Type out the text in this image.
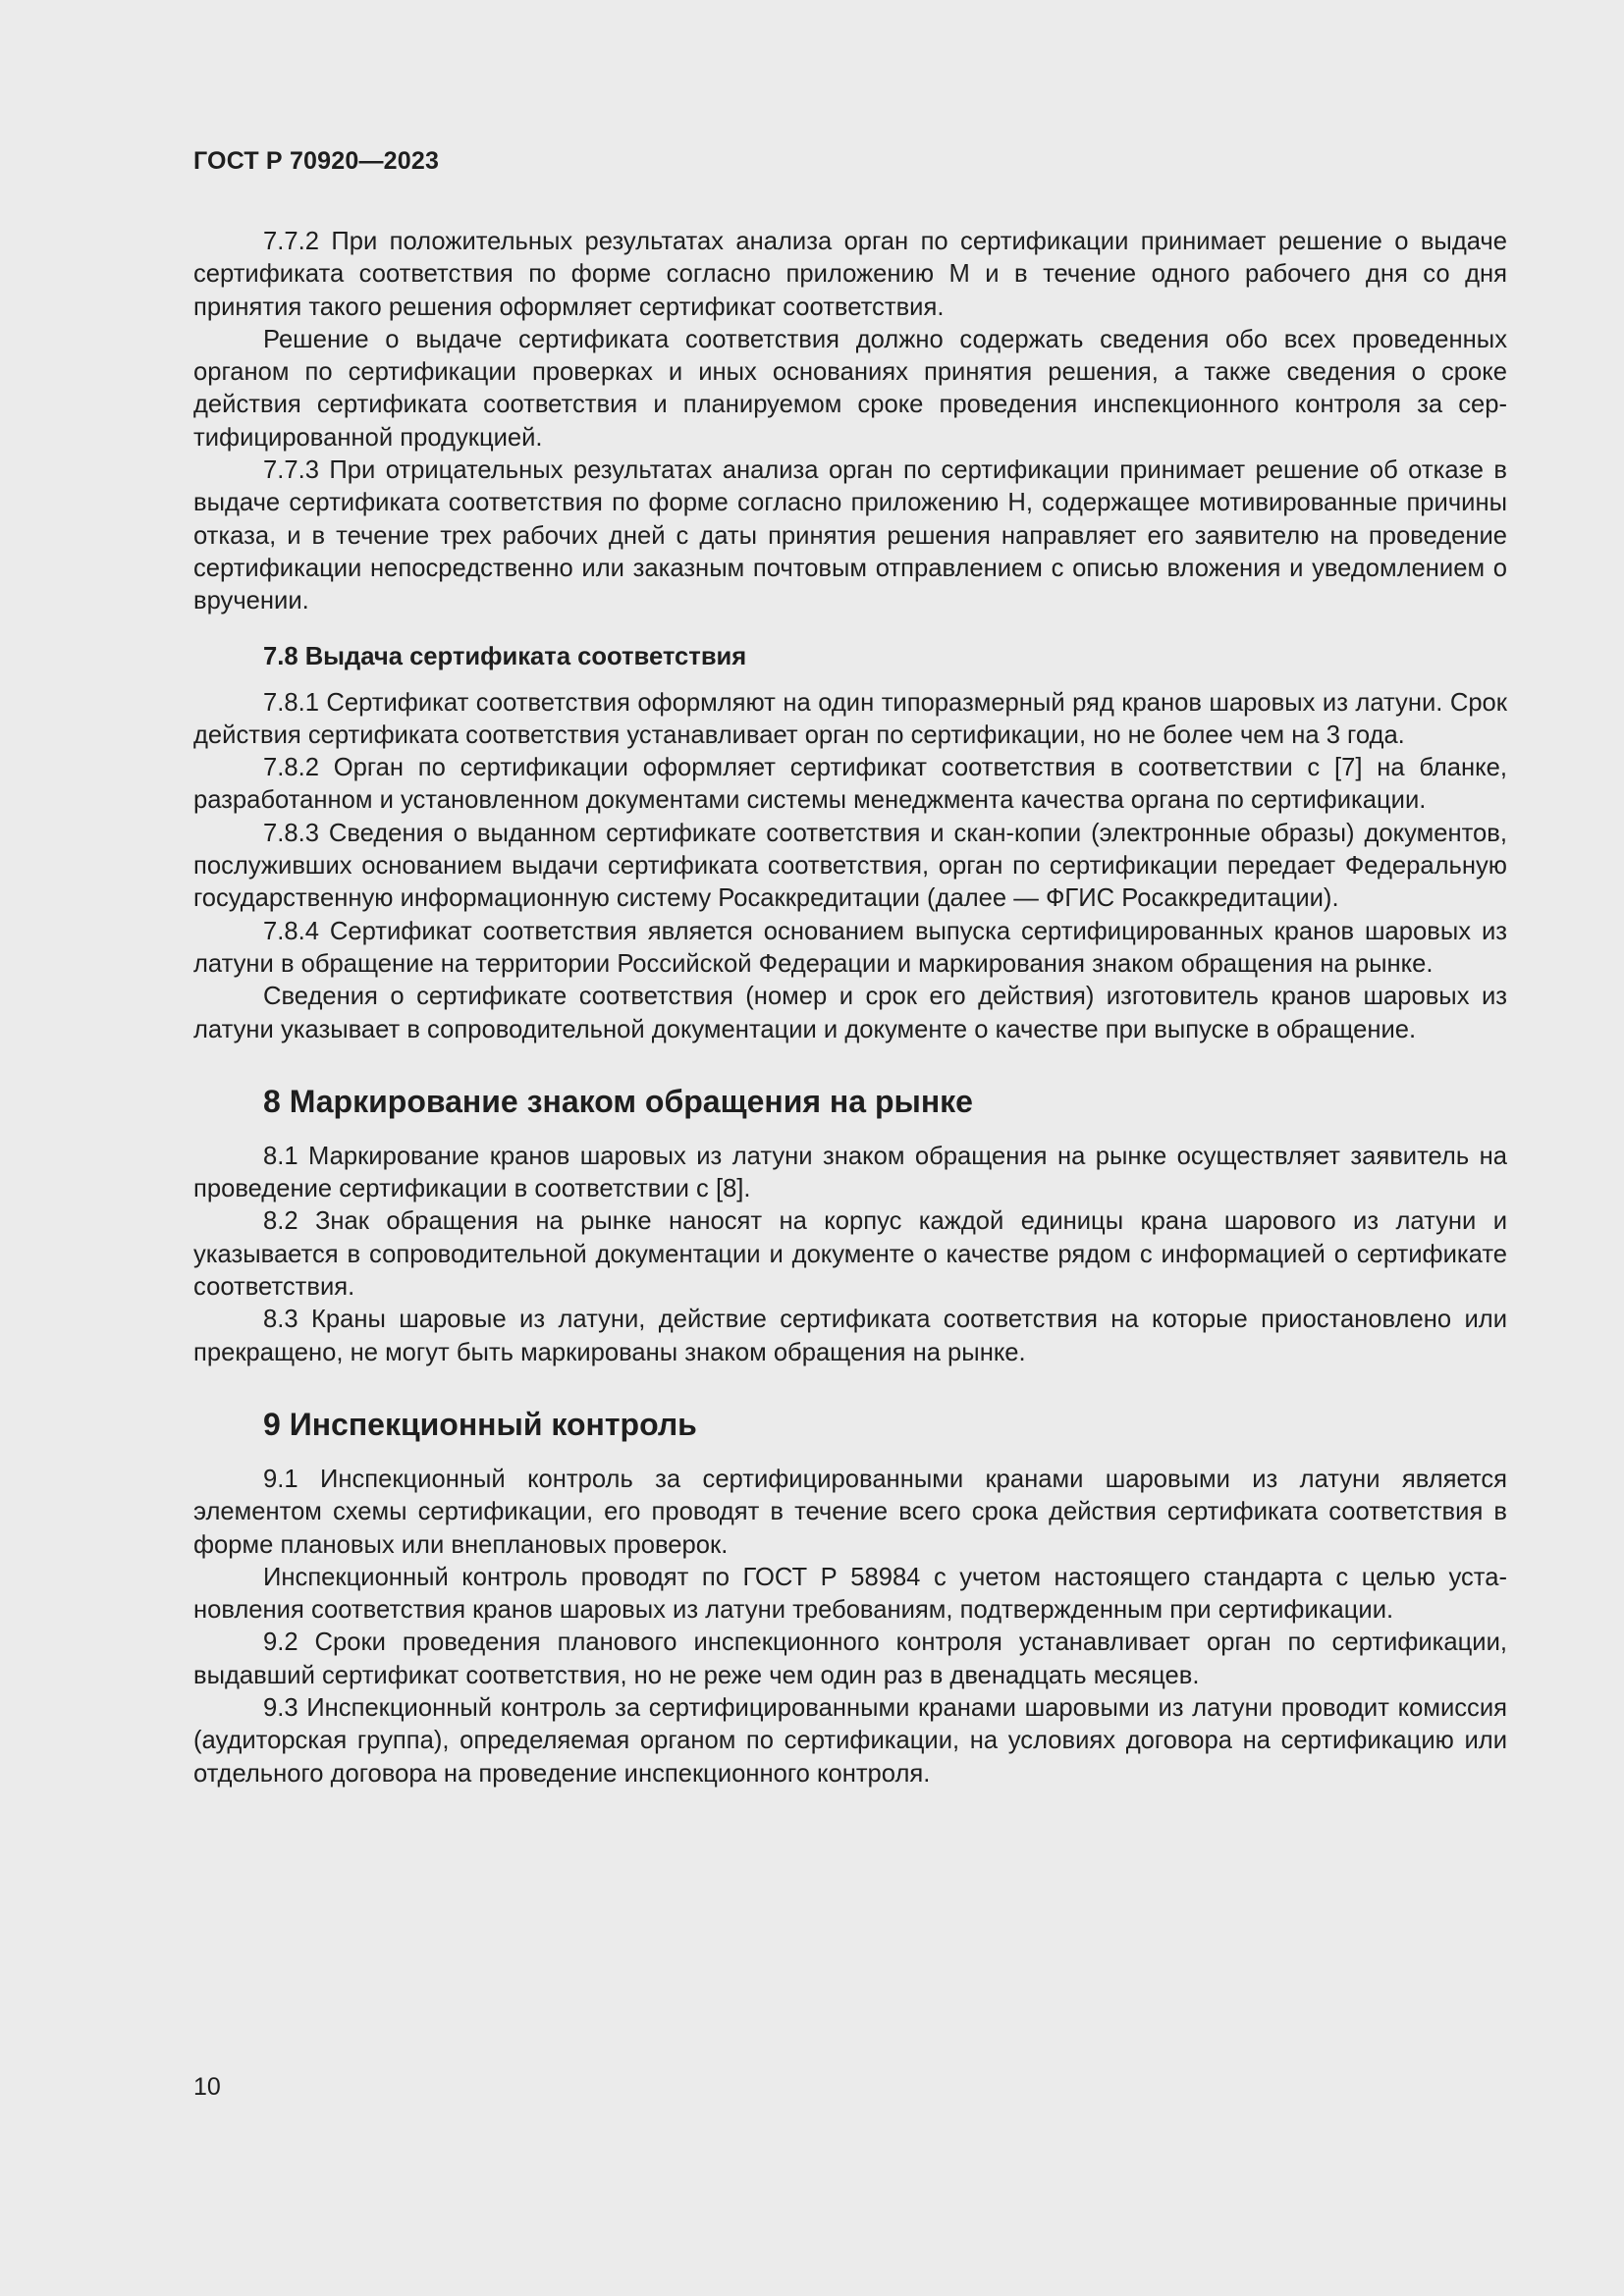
ГОСТ Р 70920—2023

7.7.2 При положительных результатах анализа орган по сертификации принимает решение о выдаче сертификата соответствия по форме согласно приложению М и в течение одного рабочего дня со дня принятия такого решения оформляет сертификат соответствия.

Решение о выдаче сертификата соответствия должно содержать сведения обо всех проведенных органом по сертификации проверках и иных основаниях принятия решения, а также сведения о сроке действия сертификата соответствия и планируемом сроке проведения инспекционного контроля за сертифицированной продукцией.

7.7.3 При отрицательных результатах анализа орган по сертификации принимает решение об отказе в выдаче сертификата соответствия по форме согласно приложению Н, содержащее мотивированные причины отказа, и в течение трех рабочих дней с даты принятия решения направляет его заявителю на проведение сертификации непосредственно или заказным почтовым отправлением с описью вложения и уведомлением о вручении.

7.8 Выдача сертификата соответствия

7.8.1 Сертификат соответствия оформляют на один типоразмерный ряд кранов шаровых из латуни. Срок действия сертификата соответствия устанавливает орган по сертификации, но не более чем на 3 года.

7.8.2 Орган по сертификации оформляет сертификат соответствия в соответствии с [7] на бланке, разработанном и установленном документами системы менеджмента качества органа по сертификации.

7.8.3 Сведения о выданном сертификате соответствия и скан-копии (электронные образы) документов, послуживших основанием выдачи сертификата соответствия, орган по сертификации передает Федеральную государственную информационную систему Росаккредитации (далее — ФГИС Росаккредитации).

7.8.4 Сертификат соответствия является основанием выпуска сертифицированных кранов шаровых из латуни в обращение на территории Российской Федерации и маркирования знаком обращения на рынке.

Сведения о сертификате соответствия (номер и срок его действия) изготовитель кранов шаровых из латуни указывает в сопроводительной документации и документе о качестве при выпуске в обращение.

8 Маркирование знаком обращения на рынке

8.1 Маркирование кранов шаровых из латуни знаком обращения на рынке осуществляет заявитель на проведение сертификации в соответствии с [8].

8.2 Знак обращения на рынке наносят на корпус каждой единицы крана шарового из латуни и указывается в сопроводительной документации и документе о качестве рядом с информацией о сертификате соответствия.

8.3 Краны шаровые из латуни, действие сертификата соответствия на которые приостановлено или прекращено, не могут быть маркированы знаком обращения на рынке.

9 Инспекционный контроль

9.1 Инспекционный контроль за сертифицированными кранами шаровыми из латуни является элементом схемы сертификации, его проводят в течение всего срока действия сертификата соответствия в форме плановых или внеплановых проверок.

Инспекционный контроль проводят по ГОСТ Р 58984 с учетом настоящего стандарта с целью установления соответствия кранов шаровых из латуни требованиям, подтвержденным при сертификации.

9.2 Сроки проведения планового инспекционного контроля устанавливает орган по сертификации, выдавший сертификат соответствия, но не реже чем один раз в двенадцать месяцев.

9.3 Инспекционный контроль за сертифицированными кранами шаровыми из латуни проводит комиссия (аудиторская группа), определяемая органом по сертификации, на условиях договора на сертификацию или отдельного договора на проведение инспекционного контроля.

10
